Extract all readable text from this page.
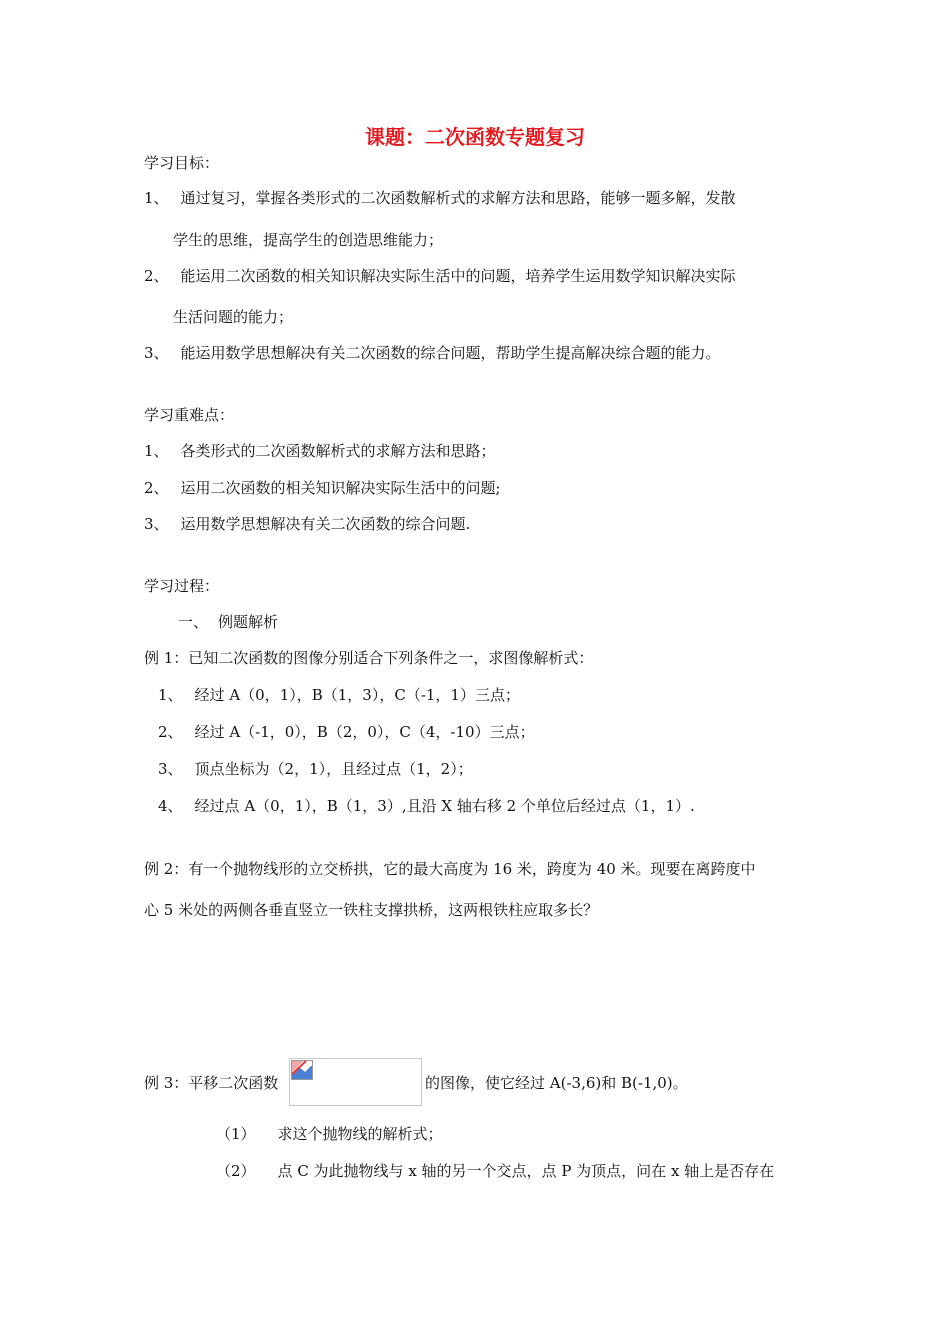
课题：二次函数专题复习
学习目标：
1、 通过复习，掌握各类形式的二次函数解析式的求解方法和思路，能够一题多解，发散
学生的思维，提高学生的创造思维能力；
2、 能运用二次函数的相关知识解决实际生活中的问题，培养学生运用数学知识解决实际
生活问题的能力；
3、 能运用数学思想解决有关二次函数的综合问题，帮助学生提高解决综合题的能力。
学习重难点：
1、 各类形式的二次函数解析式的求解方法和思路；
2、 运用二次函数的相关知识解决实际生活中的问题;
3、 运用数学思想解决有关二次函数的综合问题.
学习过程：
一、 例题解析
例 1：已知二次函数的图像分别适合下列条件之一，求图像解析式：
1、 经过 A（0，1），B（1，3），C（-1，1）三点；
2、 经过 A（-1，0），B（2，0），C（4，-10）三点；
3、 顶点坐标为（2，1），且经过点（1，2）；
4、 经过点 A（0，1），B（1，3）,且沿 X 轴右移 2 个单位后经过点（1，1）.
例 2：有一个抛物线形的立交桥拱，它的最大高度为 16 米，跨度为 40 米。现要在离跨度中
心 5 米处的两侧各垂直竖立一铁柱支撑拱桥，这两根铁柱应取多长？
例 3：平移二次函数	的图像，使它经过 A(-3,6)和 B(-1,0)。
（1） 求这个抛物线的解析式；
（2） 点 C 为此抛物线与 x 轴的另一个交点，点 P 为顶点，问在 x 轴上是否存在
